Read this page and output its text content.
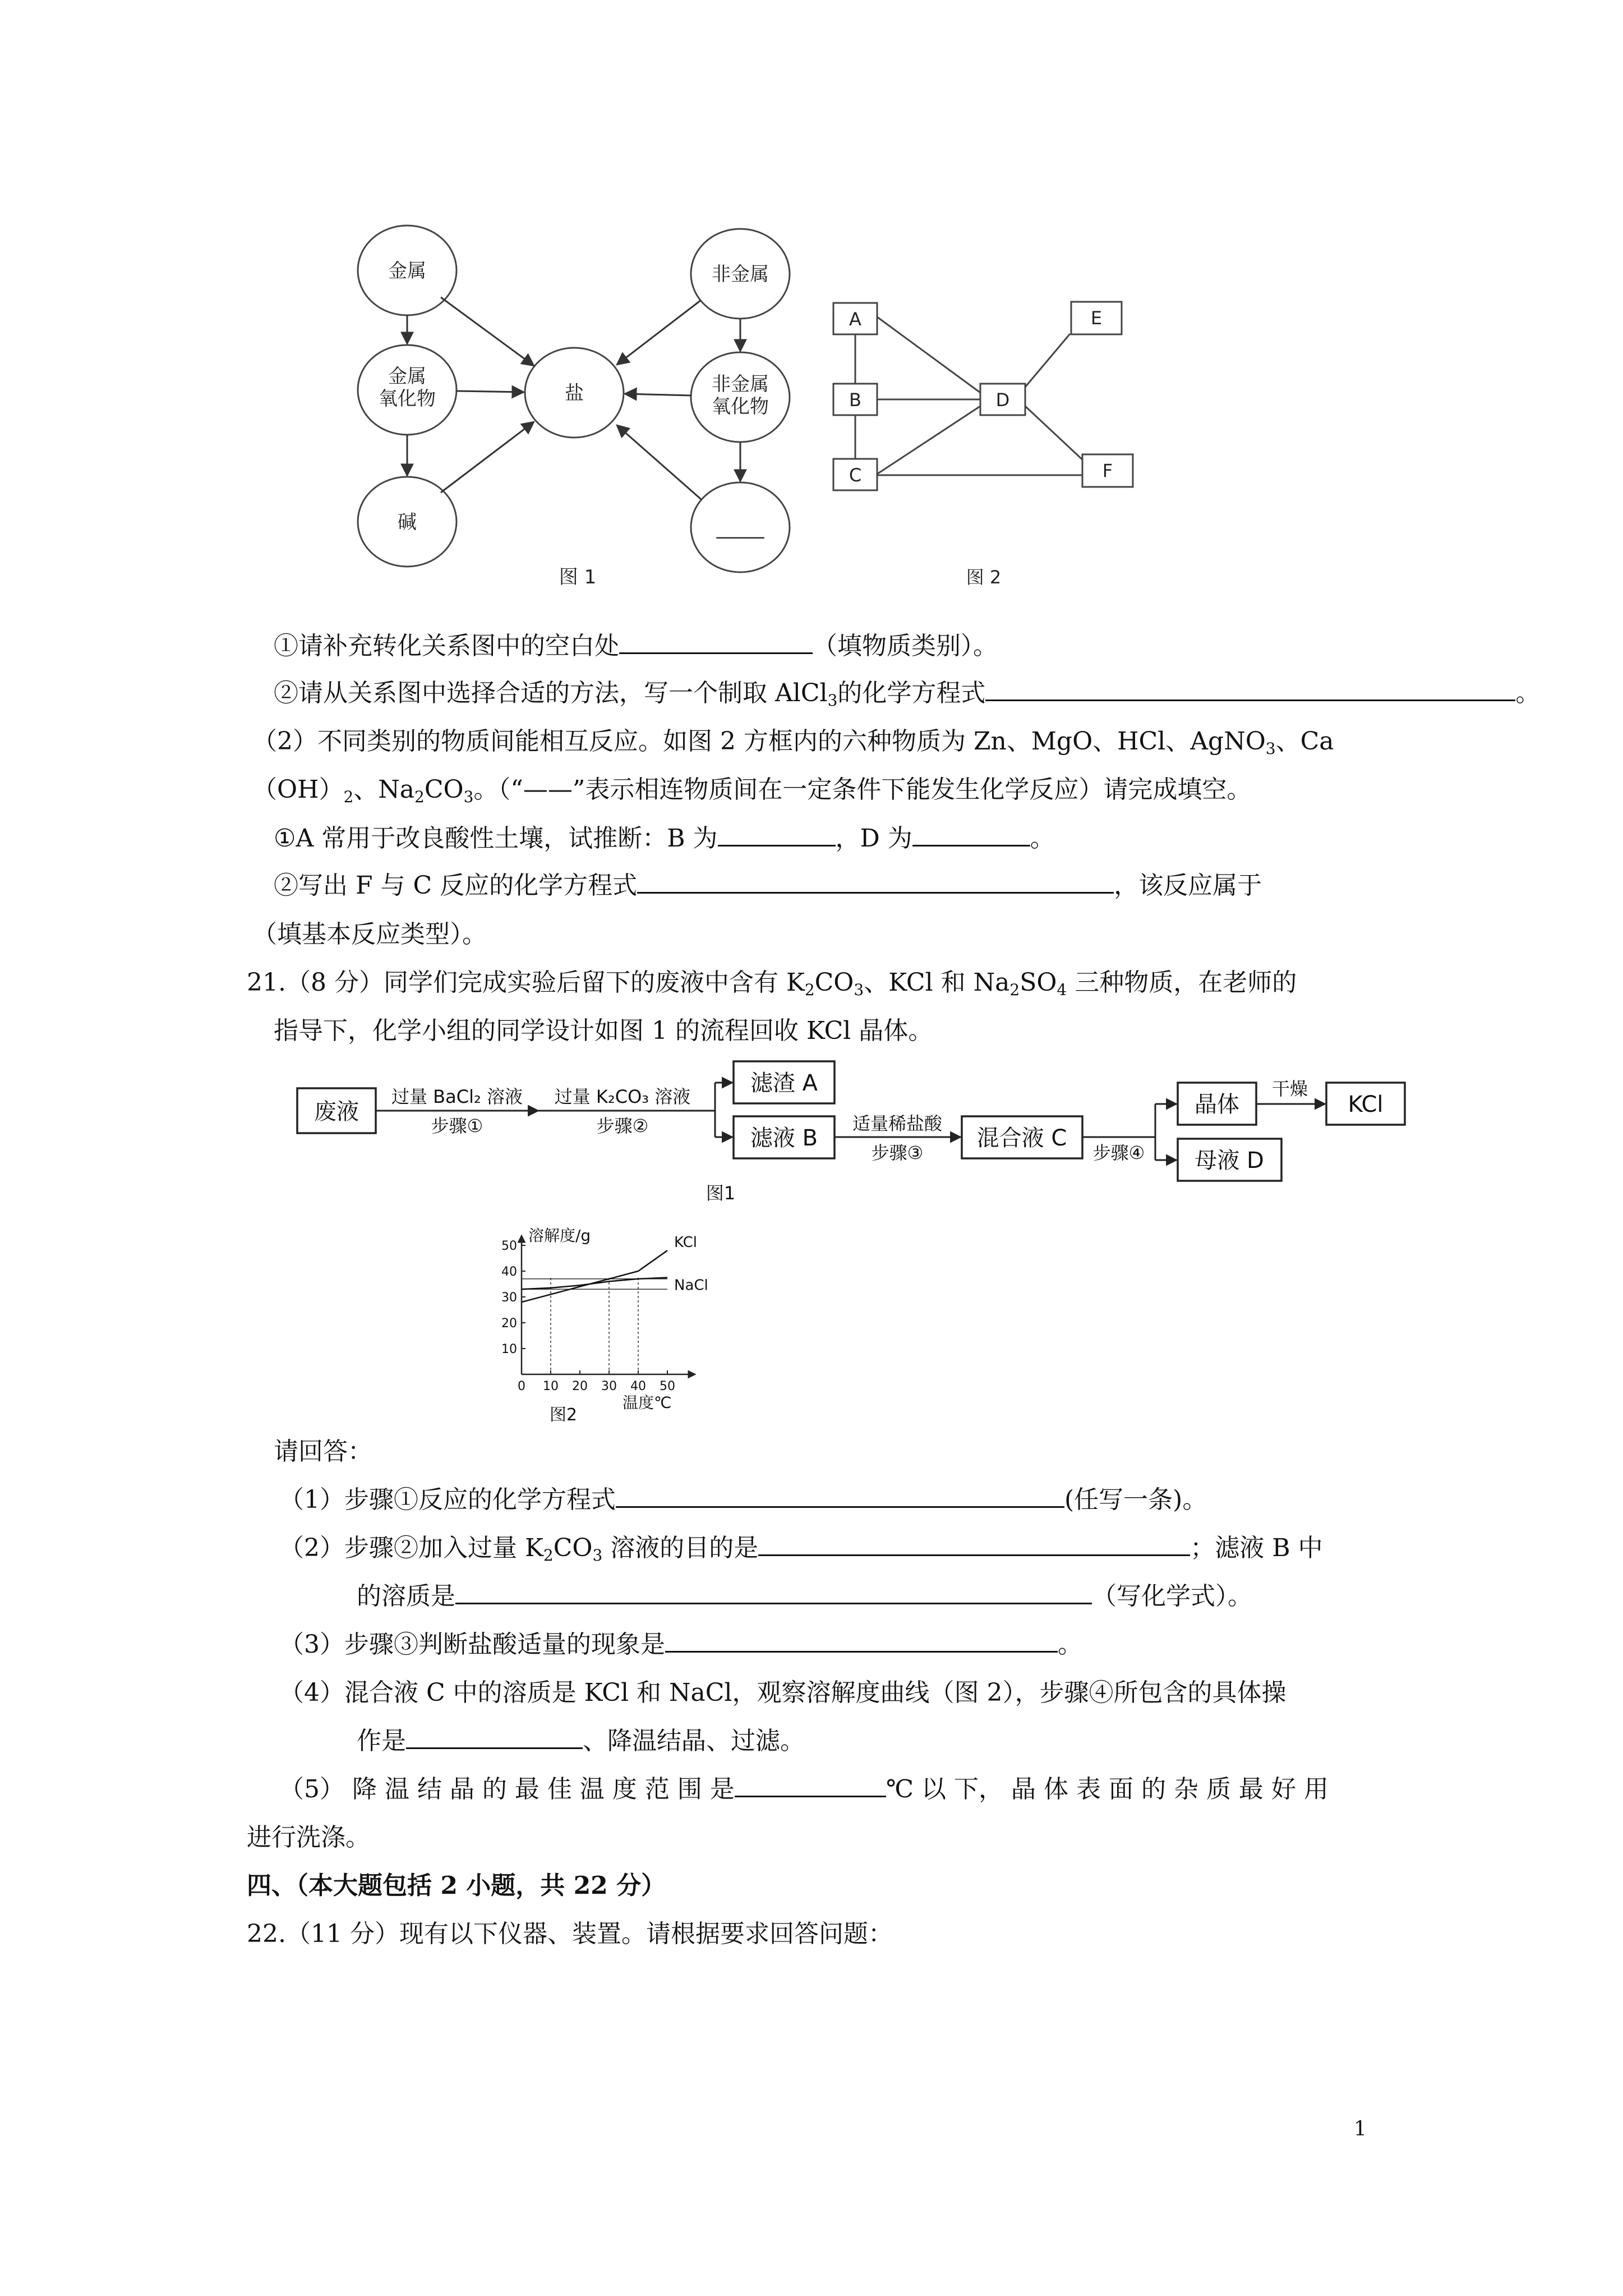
金属
金属
氧化物
碱
盐
非金属
非金属
氧化物
_____
图 1
A
B
C
D
E
F
图 2
①请补充转化关系图中的空白处	（填物质类别）。
②请从关系图中选择合适的方法，写一个制取 AlCl$_3$的化学方程式	。
（2）不同类别的物质间能相互反应。如图 2 方框内的六种物质为 Zn、MgO、HCl、AgNO$_3$、Ca
$(OH)_2$、$Na_2CO_3$。（“——”表示相连物质间在一定条件下能发生化学反应）请完成填空。
①A 常用于改良酸性土壤，试推断：B 为	，D 为	。
②写出 F 与 C 反应的化学方程式	，该反应属于
（填基本反应类型）。
21.（8 分）同学们完成实验后留下的废液中含有 $K_2CO_3$、KCl 和 $Na_2SO_4$ 三种物质，在老师的
指导下，化学小组的同学设计如图 1 的流程回收 KCl 晶体。
废液
滤渣 A
滤液 B	混合液 C
晶体	KCl
母液 D
过量 BaCl₂ 溶液
步骤①
过量 K₂CO₃ 溶液
步骤②	适量稀盐酸
步骤③	步骤④
干燥
图1
10
20
30
40
50
0 10 20 30 40 50
KCl
NaCl
溶解度/g
温度℃
图2
请回答：
（1）步骤①反应的化学方程式	(任写一条)。
（2）步骤②加入过量 $K_2CO_3$ 溶液的目的是	；滤液 B 中
的溶质是	（写化学式）。
（3）步骤③判断盐酸适量的现象是	。
（4）混合液 C 中的溶质是 KCl 和 NaCl，观察溶解度曲线（图 2），步骤④所包含的具体操
作是	、降温结晶、过滤。
（5） 降 温 结 晶 的 最 佳 温 度 范 围 是	℃ 以 下， 晶 体 表 面 的 杂 质 最 好 用
进行洗涤。
四、（本大题包括 2 小题，共 22 分）
22.（11 分）现有以下仪器、装置。请根据要求回答问题：
1
